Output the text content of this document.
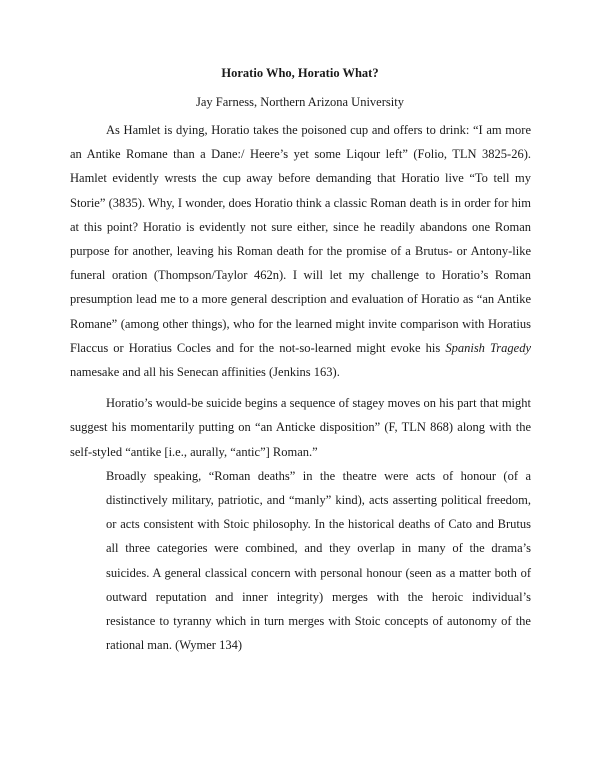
Horatio Who, Horatio What?
Jay Farness, Northern Arizona University

As Hamlet is dying, Horatio takes the poisoned cup and offers to drink: “I am more an Antike Romane than a Dane:/ Heere’s yet some Liqour left” (Folio, TLN 3825-26). Hamlet evidently wrests the cup away before demanding that Horatio live “To tell my Storie” (3835). Why, I wonder, does Horatio think a classic Roman death is in order for him at this point? Horatio is evidently not sure either, since he readily abandons one Roman purpose for another, leaving his Roman death for the promise of a Brutus- or Antony-like funeral oration (Thompson/Taylor 462n). I will let my challenge to Horatio’s Roman presumption lead me to a more general description and evaluation of Horatio as “an Antike Romane” (among other things), who for the learned might invite comparison with Horatius Flaccus or Horatius Cocles and for the not-so-learned might evoke his Spanish Tragedy namesake and all his Senecan affinities (Jenkins 163).

Horatio’s would-be suicide begins a sequence of stagey moves on his part that might suggest his momentarily putting on “an Anticke disposition” (F, TLN 868) along with the self-styled “antike [i.e., aurally, “antic”] Roman.”

Broadly speaking, “Roman deaths” in the theatre were acts of honour (of a distinctively military, patriotic, and “manly” kind), acts asserting political freedom, or acts consistent with Stoic philosophy. In the historical deaths of Cato and Brutus all three categories were combined, and they overlap in many of the drama’s suicides. A general classical concern with personal honour (seen as a matter both of outward reputation and inner integrity) merges with the heroic individual’s resistance to tyranny which in turn merges with Stoic concepts of autonomy of the rational man. (Wymer 134)
